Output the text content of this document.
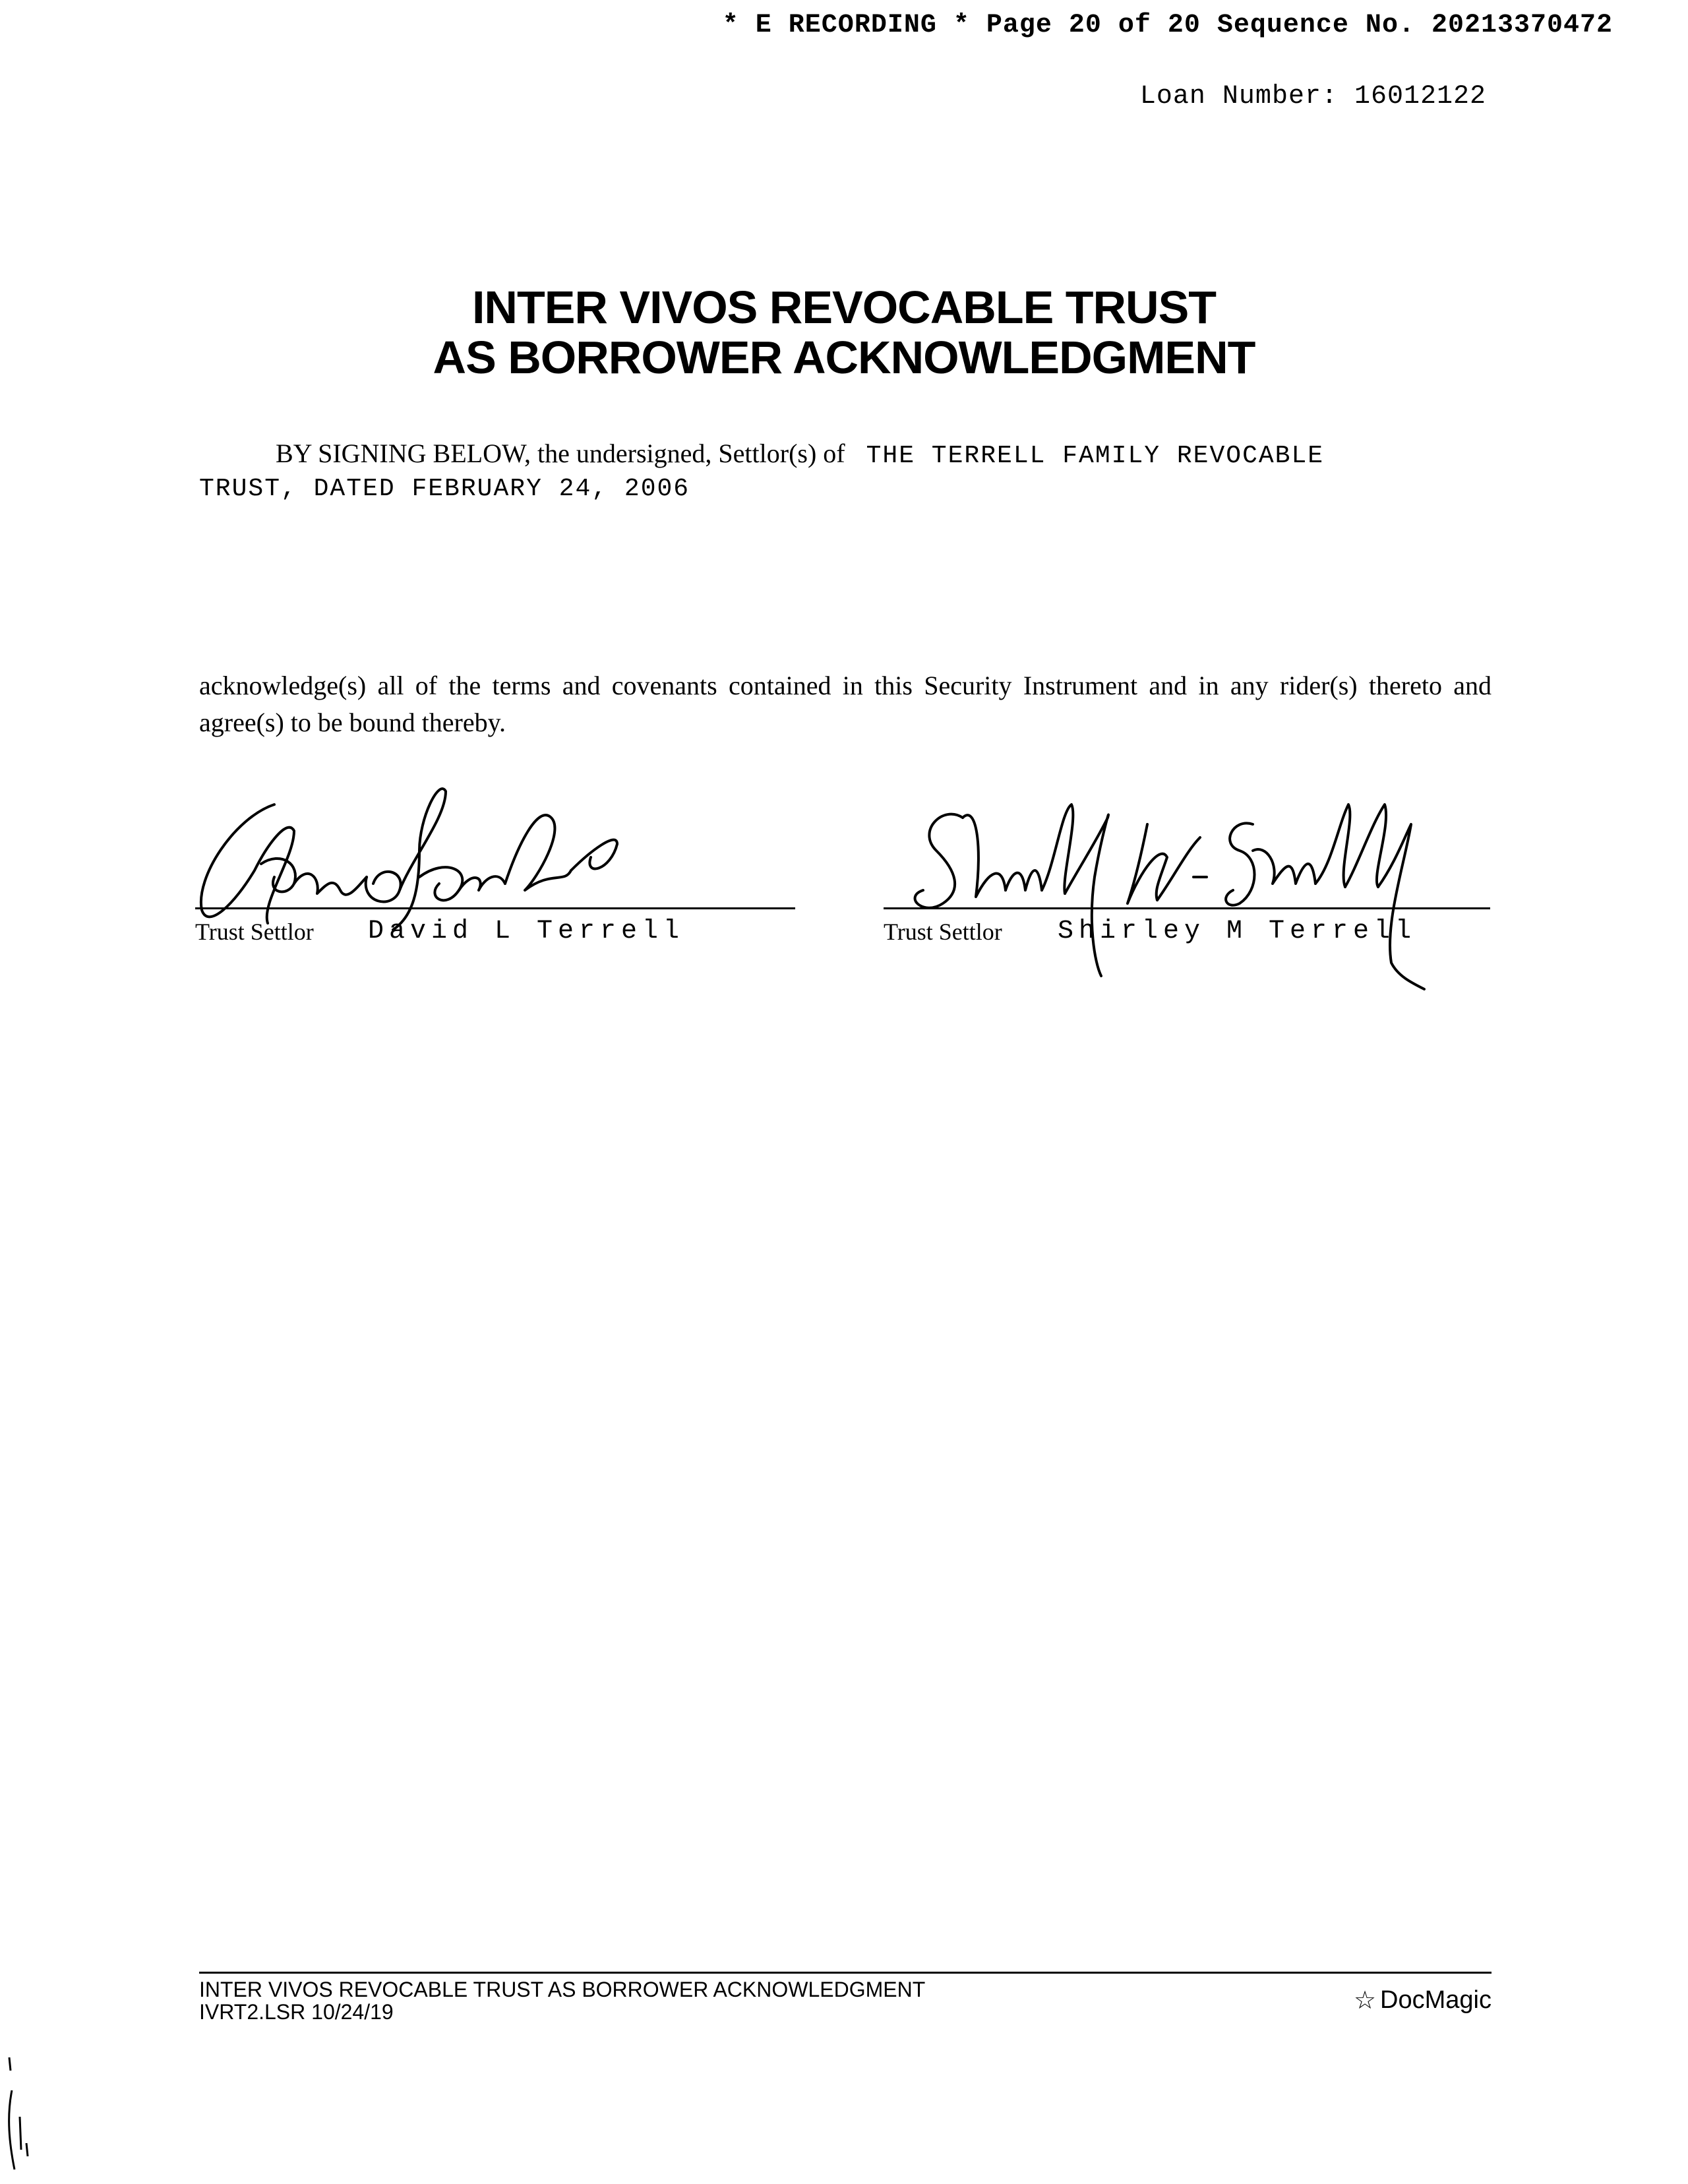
* E RECORDING * Page 20 of 20 Sequence No. 20213370472
Loan Number: 16012122
INTER VIVOS REVOCABLE TRUST
AS BORROWER ACKNOWLEDGMENT
BY SIGNING BELOW, the undersigned, Settlor(s) of THE TERRELL FAMILY REVOCABLE
TRUST, DATED FEBRUARY 24, 2006
acknowledge(s) all of the terms and covenants contained in this Security Instrument and in any rider(s) thereto and agree(s) to be bound thereby.
Trust Settlor David L Terrell	Trust Settlor Shirley M Terrell
INTER VIVOS REVOCABLE TRUST AS BORROWER ACKNOWLEDGMENT
IVRT2.LSR 10/24/19	☆ DocMagic
